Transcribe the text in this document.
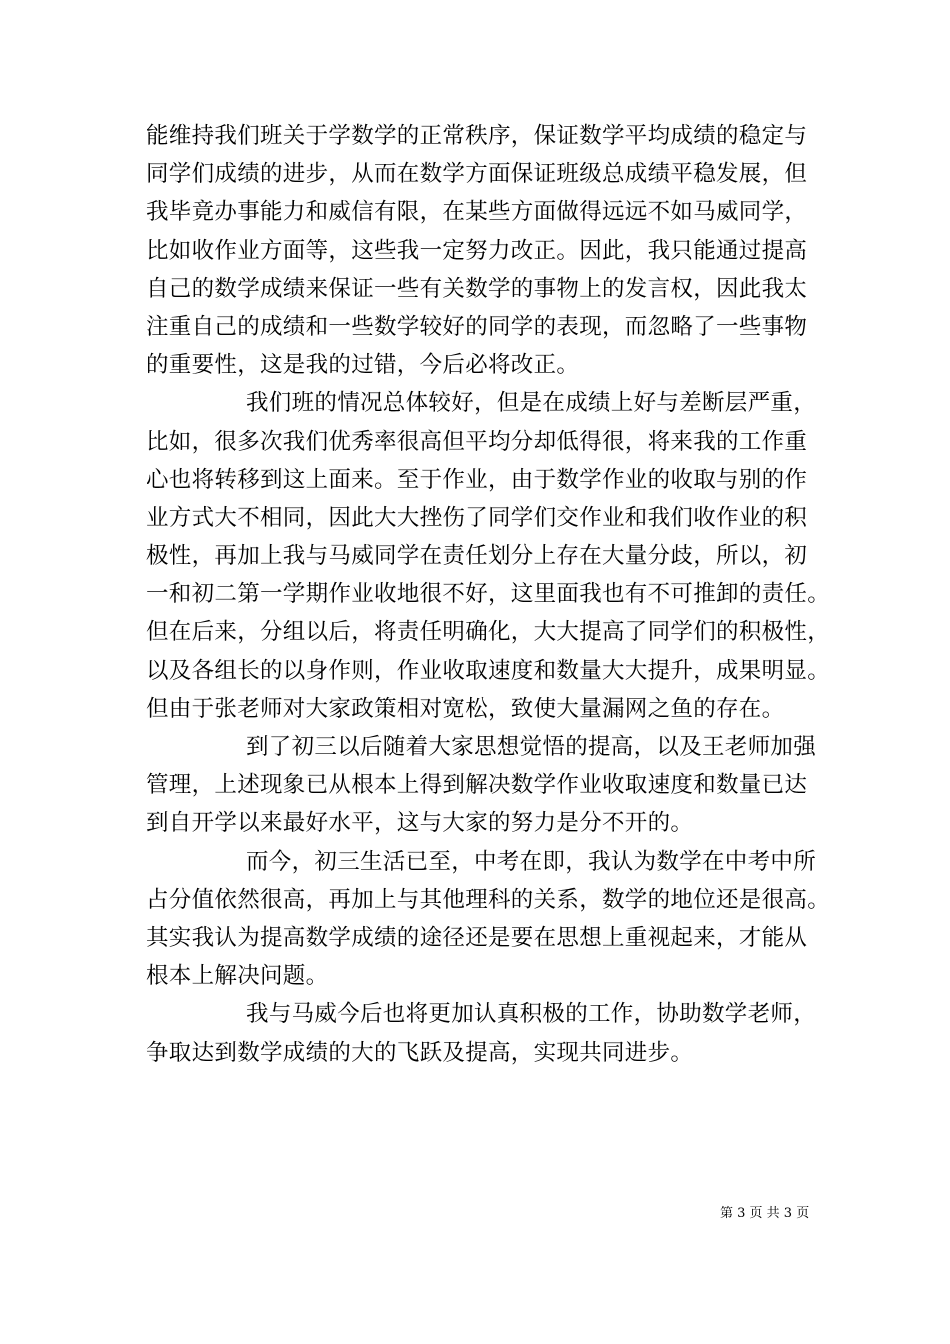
能维持我们班关于学数学的正常秩序，保证数学平均成绩的稳定与
同学们成绩的进步，从而在数学方面保证班级总成绩平稳发展，但
我毕竟办事能力和威信有限，在某些方面做得远远不如马威同学，
比如收作业方面等，这些我一定努力改正。因此，我只能通过提高
自己的数学成绩来保证一些有关数学的事物上的发言权，因此我太
注重自己的成绩和一些数学较好的同学的表现，而忽略了一些事物
的重要性，这是我的过错，今后必将改正。
我们班的情况总体较好，但是在成绩上好与差断层严重，
比如，很多次我们优秀率很高但平均分却低得很，将来我的工作重
心也将转移到这上面来。至于作业，由于数学作业的收取与别的作
业方式大不相同，因此大大挫伤了同学们交作业和我们收作业的积
极性，再加上我与马威同学在责任划分上存在大量分歧，所以，初
一和初二第一学期作业收地很不好，这里面我也有不可推卸的责任。
但在后来，分组以后，将责任明确化，大大提高了同学们的积极性，
以及各组长的以身作则，作业收取速度和数量大大提升，成果明显。
但由于张老师对大家政策相对宽松，致使大量漏网之鱼的存在。
到了初三以后随着大家思想觉悟的提高，以及王老师加强
管理，上述现象已从根本上得到解决数学作业收取速度和数量已达
到自开学以来最好水平，这与大家的努力是分不开的。
而今，初三生活已至，中考在即，我认为数学在中考中所
占分值依然很高，再加上与其他理科的关系，数学的地位还是很高。
其实我认为提高数学成绩的途径还是要在思想上重视起来，才能从
根本上解决问题。
我与马威今后也将更加认真积极的工作，协助数学老师，
争取达到数学成绩的大的飞跃及提高，实现共同进步。
第 3 页 共 3 页
